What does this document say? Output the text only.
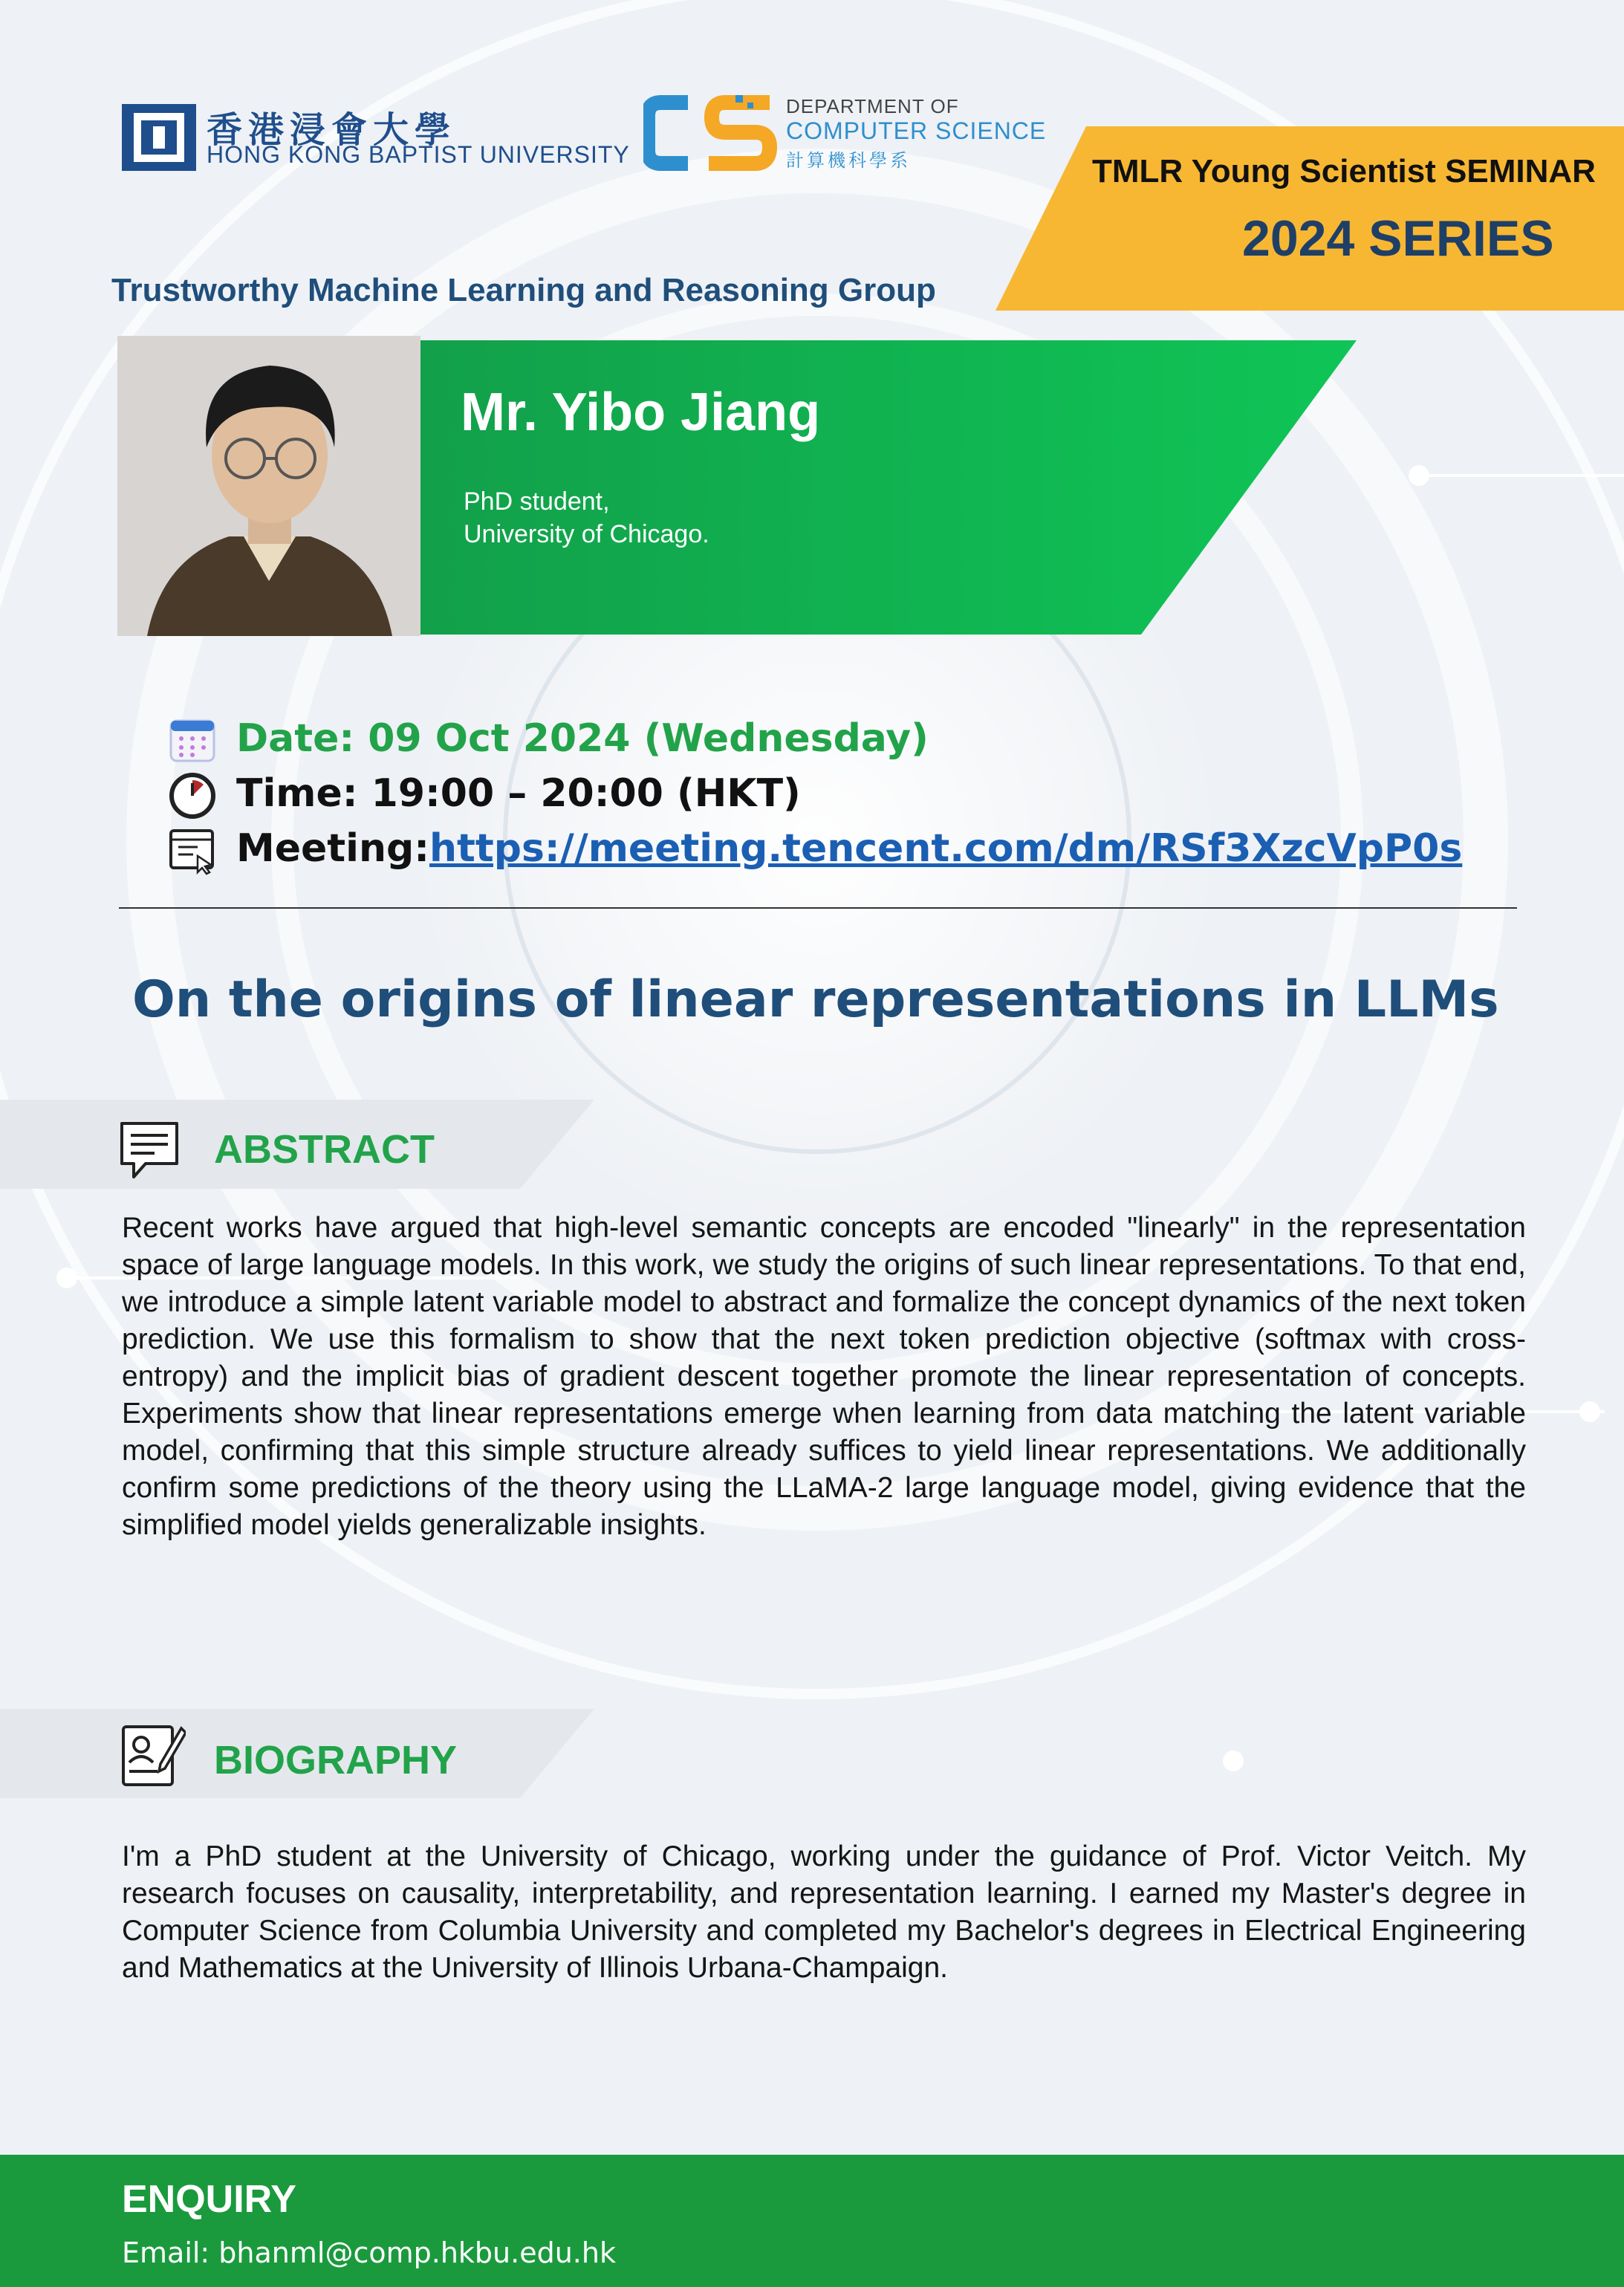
香港浸會大學
HONG KONG BAPTIST UNIVERSITY
DEPARTMENT OF
COMPUTER SCIENCE
計算機科學系	TMLR Young Scientist SEMINAR
2024 SERIES
Trustworthy Machine Learning and Reasoning Group
Mr. Yibo Jiang
PhD student,
University of Chicago.
Date: 09 Oct 2024 (Wednesday)
Time: 19:00 – 20:00 (HKT)
Meeting: https://meeting.tencent.com/dm/RSf3XzcVpP0s
On the origins of linear representations in LLMs
ABSTRACT
Recent works have argued that high-level semantic concepts are encoded "linearly" in the representation space of large language models. In this work, we study the origins of such linear representations. To that end, we introduce a simple latent variable model to abstract and formalize the concept dynamics of the next token prediction. We use this formalism to show that the next token prediction objective (softmax with cross-entropy) and the implicit bias of gradient descent together promote the linear representation of concepts. Experiments show that linear representations emerge when learning from data matching the latent variable model, confirming that this simple structure already suffices to yield linear representations. We additionally confirm some predictions of the theory using the LLaMA-2 large language model, giving evidence that the simplified model yields generalizable insights.
BIOGRAPHY
I'm a PhD student at the University of Chicago, working under the guidance of Prof. Victor Veitch. My research focuses on causality, interpretability, and representation learning. I earned my Master's degree in Computer Science from Columbia University and completed my Bachelor's degrees in Electrical Engineering and Mathematics at the University of Illinois Urbana-Champaign.
ENQUIRY
Email: bhanml@comp.hkbu.edu.hk
